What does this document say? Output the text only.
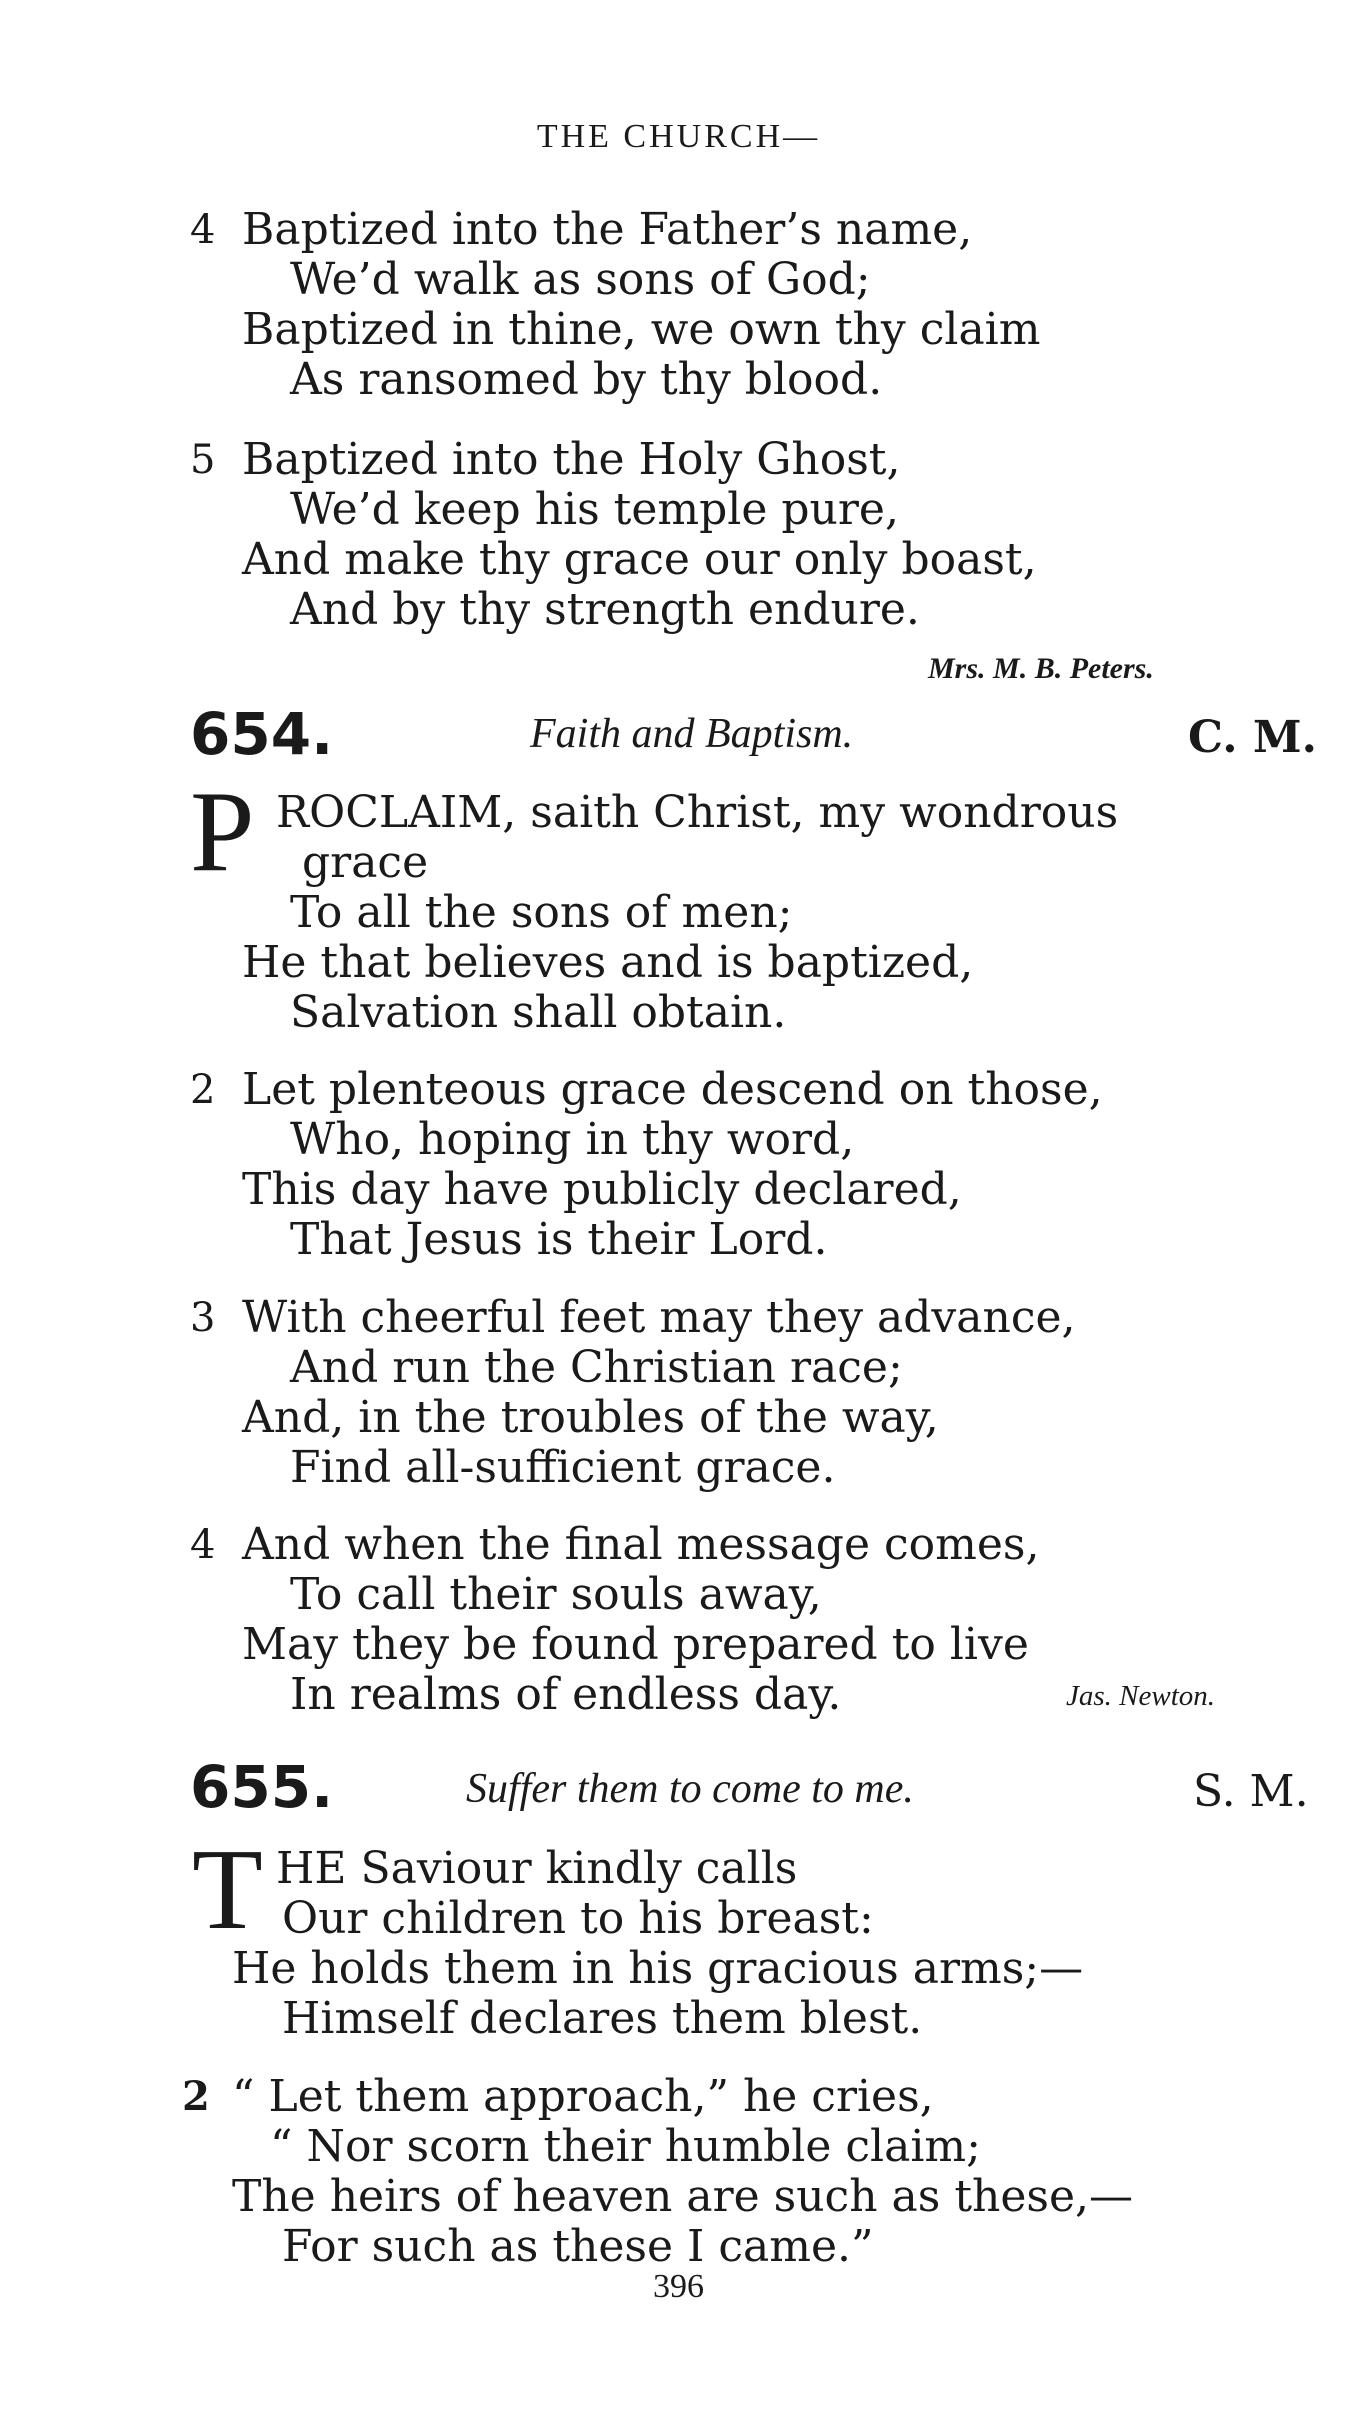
THE CHURCH—
4 Baptized into the Father’s name,
We’d walk as sons of God;
Baptized in thine, we own thy claim
As ransomed by thy blood.
5 Baptized into the Holy Ghost,
We’d keep his temple pure,
And make thy grace our only boast,
And by thy strength endure.
Mrs. M. B. Peters.
654.	Faith and Baptism.	C. M.
P ROCLAIM, saith Christ, my wondrous
grace
To all the sons of men;
He that believes and is baptized,
Salvation shall obtain.
2 Let plenteous grace descend on those,
Who, hoping in thy word,
This day have publicly declared,
That Jesus is their Lord.
3 With cheerful feet may they advance,
And run the Christian race;
And, in the troubles of the way,
Find all-sufficient grace.
4 And when the final message comes,
To call their souls away,
May they be found prepared to live
In realms of endless day.	Jas. Newton.
655.	Suffer them to come to me.	S. M.
T HE Saviour kindly calls
Our children to his breast:
He holds them in his gracious arms;—
Himself declares them blest.
2 “ Let them approach,” he cries,
“ Nor scorn their humble claim;
The heirs of heaven are such as these,—
For such as these I came.”
396
